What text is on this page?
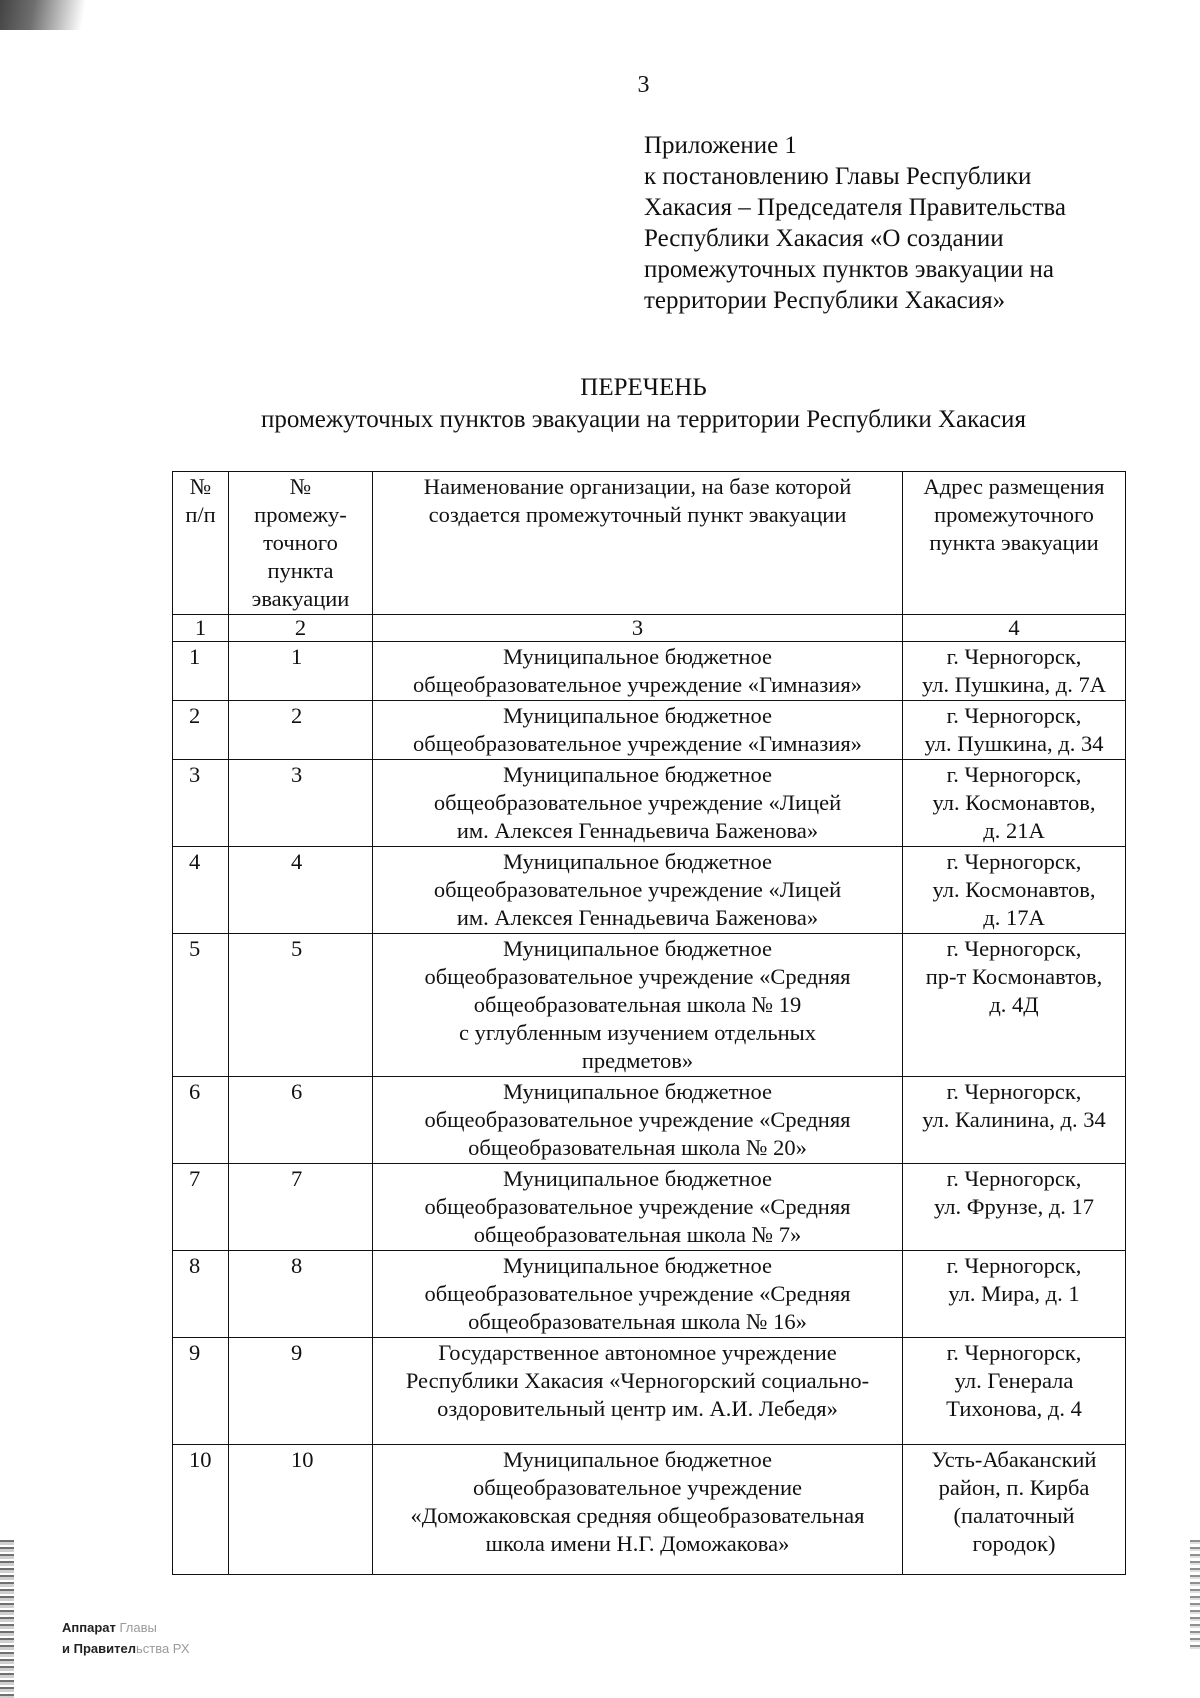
3
Приложение 1
к постановлению Главы Республики
Хакасия – Председателя Правительства
Республики Хакасия «О создании
промежуточных пунктов эвакуации на
территории Республики Хакасия»
ПЕРЕЧЕНЬ
промежуточных пунктов эвакуации на территории Республики Хакасия
№
п/п	№
промежу-
точного
пункта
эвакуации	Наименование организации, на базе которой
создается промежуточный пункт эвакуации	Адрес размещения
промежуточного
пункта эвакуации

1	2	3	4

1	1	Муниципальное бюджетное
общеобразовательное учреждение «Гимназия»	г. Черногорск,
ул. Пушкина, д. 7А

2	2	Муниципальное бюджетное
общеобразовательное учреждение «Гимназия»	г. Черногорск,
ул. Пушкина, д. 34

3	3	Муниципальное бюджетное
общеобразовательное учреждение «Лицей
им. Алексея Геннадьевича Баженова»	г. Черногорск,
ул. Космонавтов,
д. 21А

4	4	Муниципальное бюджетное
общеобразовательное учреждение «Лицей
им. Алексея Геннадьевича Баженова»	г. Черногорск,
ул. Космонавтов,
д. 17А

5	5	Муниципальное бюджетное
общеобразовательное учреждение «Средняя
общеобразовательная школа № 19
с углубленным изучением отдельных
предметов»	г. Черногорск,
пр-т Космонавтов,
д. 4Д

6	6	Муниципальное бюджетное
общеобразовательное учреждение «Средняя
общеобразовательная школа № 20»	г. Черногорск,
ул. Калинина, д. 34

7	7	Муниципальное бюджетное
общеобразовательное учреждение «Средняя
общеобразовательная школа № 7»	г. Черногорск,
ул. Фрунзе, д. 17

8	8	Муниципальное бюджетное
общеобразовательное учреждение «Средняя
общеобразовательная школа № 16»	г. Черногорск,
ул. Мира, д. 1

9	9	Государственное автономное учреждение
Республики Хакасия «Черногорский социально-
оздоровительный центр им. А.И. Лебедя»	г. Черногорск,
ул. Генерала
Тихонова, д. 4

10	10	Муниципальное бюджетное
общеобразовательное учреждение
«Доможаковская средняя общеобразовательная
школа имени Н.Г. Доможакова»	Усть-Абаканский
район, п. Кирба
(палаточный
городок)
Аппарат Главы
и Правительства РХ
